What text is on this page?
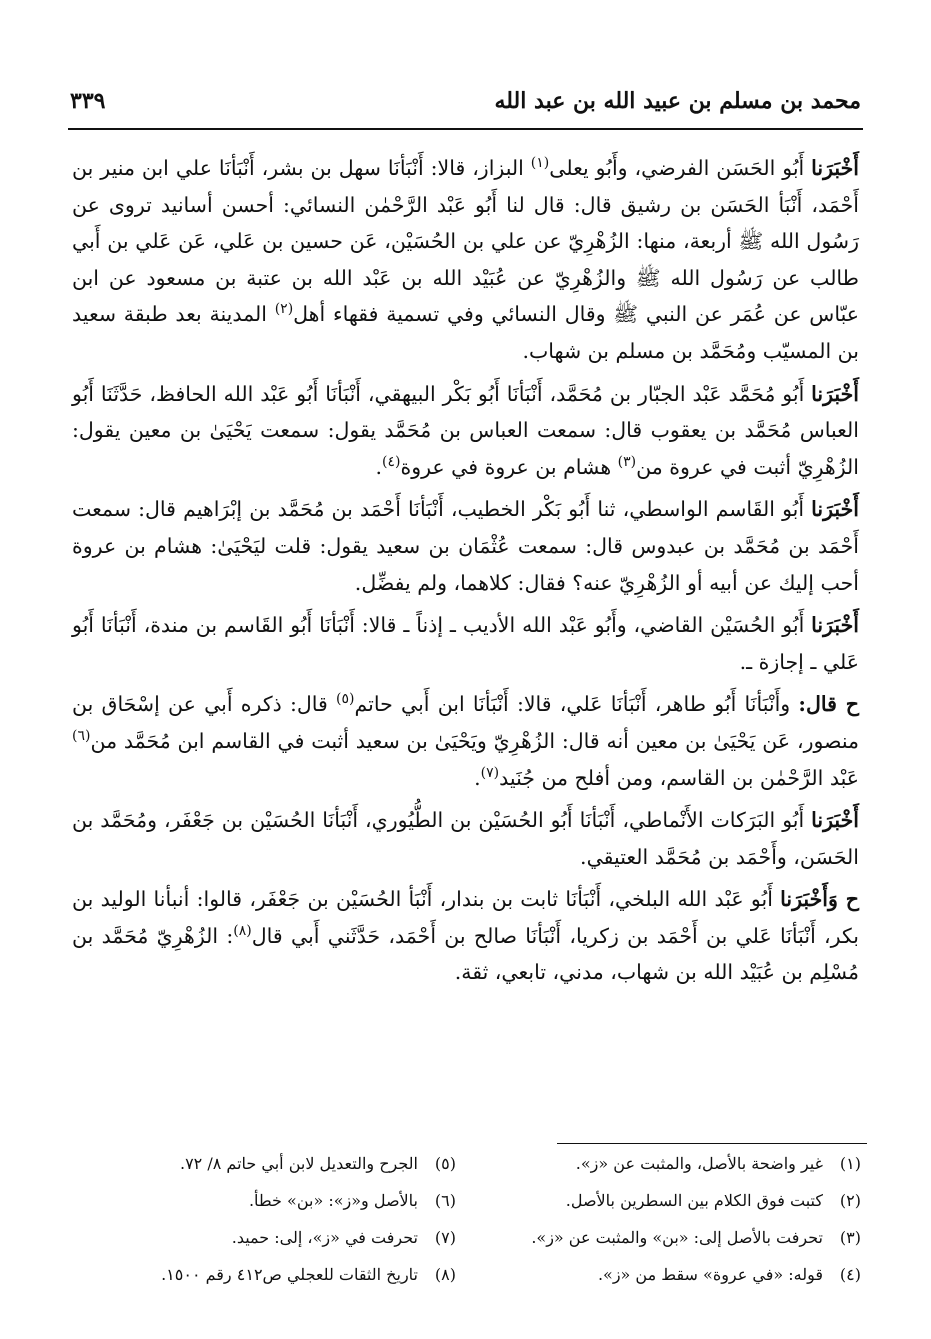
محمد بن مسلم بن عبيد الله بن عبد الله
٣٣٩

أَخْبَرَنا أَبُو الحَسَن الفرضي، وأَبُو يعلى$^{(١)}$ البزاز، قالا: أَنْبَأنَا سهل بن بشر، أَنْبَأنَا علي ابن منير بن أَحْمَد، أَنْبَأ الحَسَن بن رشيق قال: قال لنا أَبُو عَبْد الرَّحْمٰن النسائي: أحسن أسانيد تروى عن رَسُول الله ﷺ أربعة، منها: الزُهْرِيّ عن علي بن الحُسَيْن، عَن حسين بن عَلي، عَن عَلي بن أَبي طالب عن رَسُول الله ﷺ والزُهْرِيّ عن عُبَيْد الله بن عَبْد الله بن عتبة بن مسعود عن ابن عبّاس عن عُمَر عن النبي ﷺ وقال النسائي وفي تسمية فقهاء أهل$^{(٢)}$ المدينة بعد طبقة سعيد بن المسيّب ومُحَمَّد بن مسلم بن شهاب.

أَخْبَرَنا أَبُو مُحَمَّد عَبْد الجبّار بن مُحَمَّد، أَنْبَأنَا أَبُو بَكْر البيهقي، أَنْبَأنَا أَبُو عَبْد الله الحافظ، حَدَّثَنَا أَبُو العباس مُحَمَّد بن يعقوب قال: سمعت العباس بن مُحَمَّد يقول: سمعت يَحْيَىٰ بن معين يقول: الزُهْرِيّ أثبت في عروة من$^{(٣)}$ هشام بن عروة في عروة$^{(٤)}$.

أَخْبَرَنا أَبُو القَاسم الواسطي، ثنا أَبُو بَكْر الخطيب، أَنْبَأنَا أَحْمَد بن مُحَمَّد بن إبْرَاهيم قال: سمعت أَحْمَد بن مُحَمَّد بن عبدوس قال: سمعت عُثْمَان بن سعيد يقول: قلت ليَحْيَىٰ: هشام بن عروة أحب إليك عن أبيه أو الزُهْرِيّ عنه؟ فقال: كلاهما، ولم يفضِّل.

أَخْبَرَنا أَبُو الحُسَيْن القاضي، وأَبُو عَبْد الله الأديب ـ إذناً ـ قالا: أَنْبَأنَا أَبُو القَاسم بن مندة، أَنْبَأنَا أَبُو عَلي ـ إجازة ـ.

ح قال: وأَنْبَأنَا أَبُو طاهر، أَنْبَأنَا عَلي، قالا: أَنْبَأنَا ابن أَبي حاتم$^{(٥)}$ قال: ذكره أَبي عن إسْحَاق بن منصور، عَن يَحْيَىٰ بن معين أنه قال: الزُهْرِيّ ويَحْيَىٰ بن سعيد أثبت في القاسم ابن مُحَمَّد من$^{(٦)}$ عَبْد الرَّحْمٰن بن القاسم، ومن أفلح من جُنَيد$^{(٧)}$.

أَخْبَرَنا أَبُو البَرَكات الأَنْماطي، أَنْبَأنَا أَبُو الحُسَيْن بن الطُّيُوري، أَنْبَأنَا الحُسَيْن بن جَعْفَر، ومُحَمَّد بن الحَسَن، وأَحْمَد بن مُحَمَّد العتيقي.

ح وَأَخْبَرَنا أَبُو عَبْد الله البلخي، أَنْبَأنَا ثابت بن بندار، أَنْبَأ الحُسَيْن بن جَعْفَر، قالوا: أنبأنا الوليد بن بكر، أَنْبَأنَا عَلي بن أَحْمَد بن زكريا، أَنْبَأنَا صالح بن أَحْمَد، حَدَّثَني أَبي قال$^{(٨)}$: الزُهْرِيّ مُحَمَّد بن مُسْلِم بن عُبَيْد الله بن شهاب، مدني، تابعي، ثقة.

(١)غير واضحة بالأصل، والمثبت عن «ز».
(٢)كتبت فوق الكلام بين السطرين بالأصل.
(٣)تحرفت بالأصل إلى: «بن» والمثبت عن «ز».
(٤)قوله: «في عروة» سقط من «ز».
(٥)الجرح والتعديل لابن أبي حاتم ٨/ ٧٢.
(٦)بالأصل و«ز»: «بن» خطأ.
(٧)تحرفت في «ز»، إلى: حميد.
(٨)تاريخ الثقات للعجلي ص٤١٢ رقم ١٥٠٠.
